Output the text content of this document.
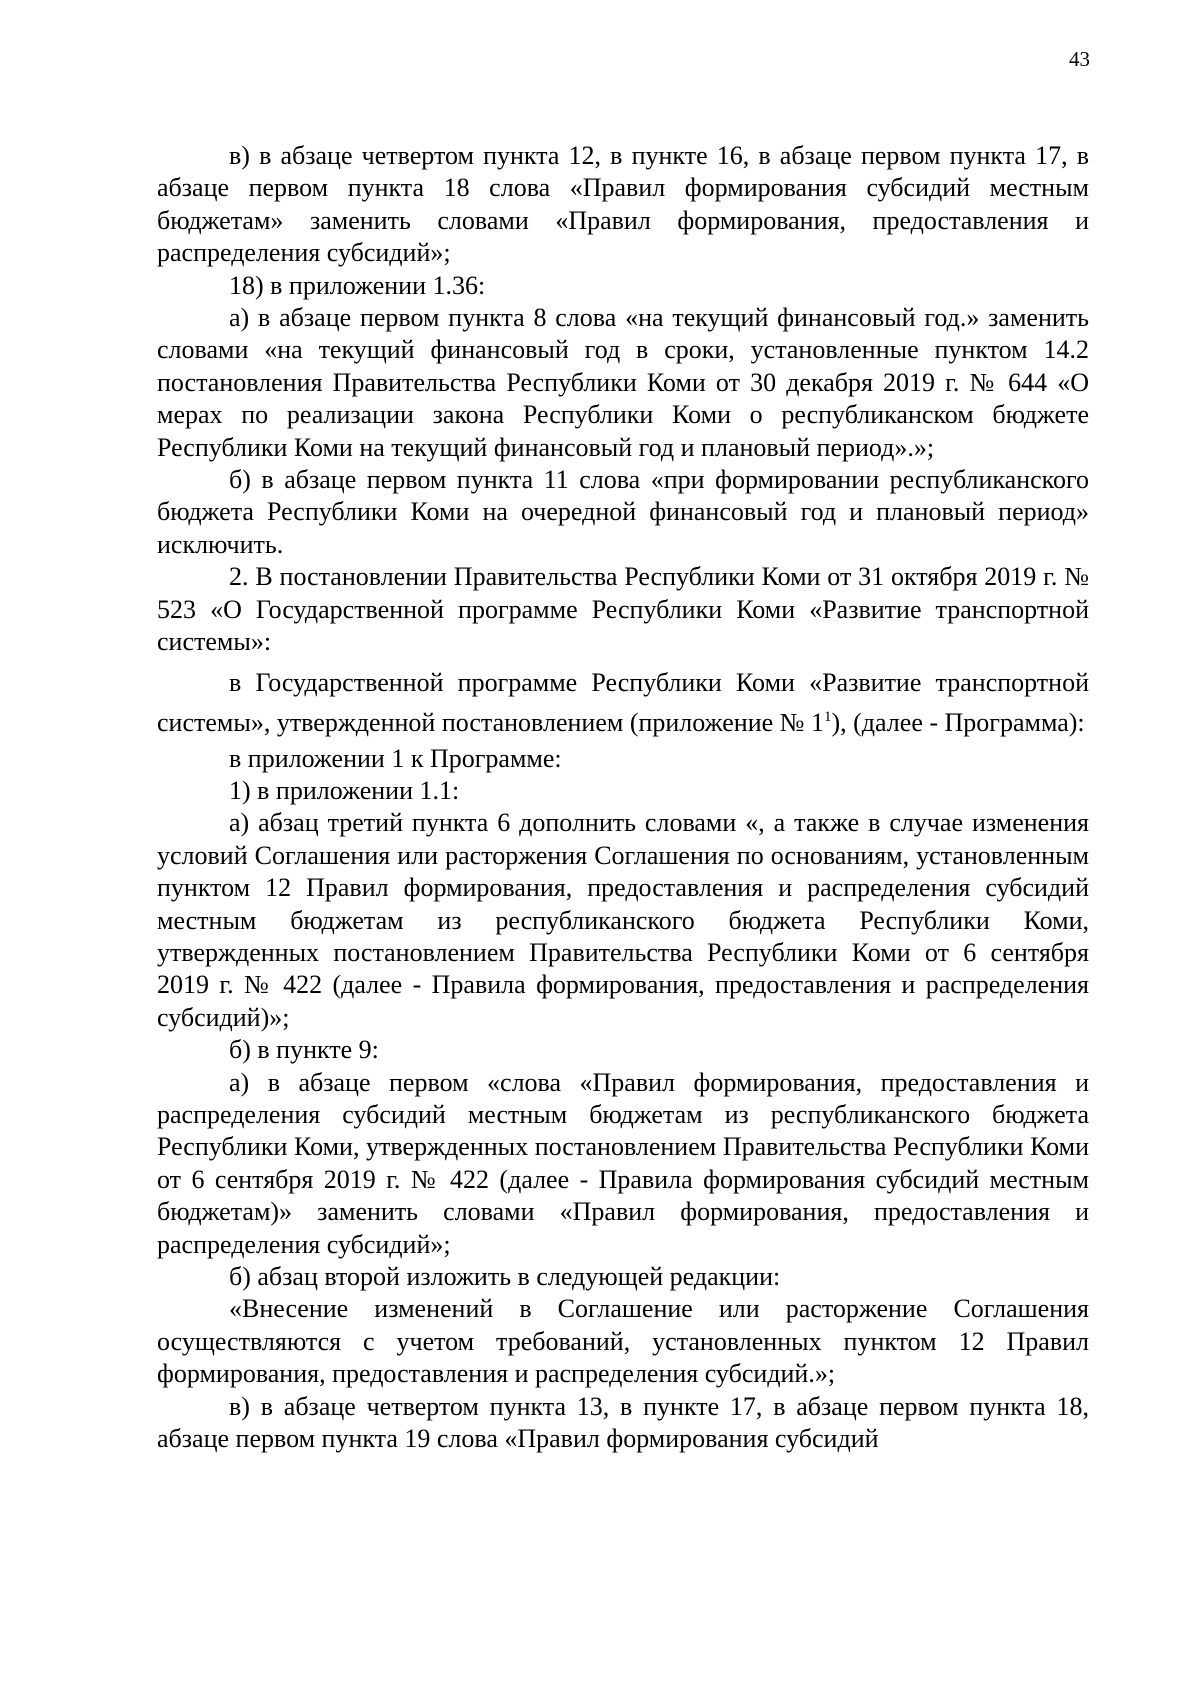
43

в) в абзаце четвертом пункта 12, в пункте 16, в абзаце первом пункта 17, в абзаце первом пункта 18 слова «Правил формирования субсидий местным бюджетам» заменить словами «Правил формирования, предоставления и распределения субсидий»;

18) в приложении 1.36:

а) в абзаце первом пункта 8 слова «на текущий финансовый год.» заменить словами «на текущий финансовый год в сроки, установленные пунктом 14.2 постановления Правительства Республики Коми от 30 декабря 2019 г. № 644 «О мерах по реализации закона Республики Коми о республиканском бюджете Республики Коми на текущий финансовый год и плановый период».»;

б) в абзаце первом пункта 11 слова «при формировании республиканского бюджета Республики Коми на очередной финансовый год и плановый период» исключить.

2. В постановлении Правительства Республики Коми от 31 октября 2019 г. № 523 «О Государственной программе Республики Коми «Развитие транспортной системы»:

в Государственной программе Республики Коми «Развитие транспортной системы», утвержденной постановлением (приложение № $1^1$), (далее - Программа):

в приложении 1 к Программе:

1) в приложении 1.1:

а) абзац третий пункта 6 дополнить словами «, а также в случае изменения условий Соглашения или расторжения Соглашения по основаниям, установленным пунктом 12 Правил формирования, предоставления и распределения субсидий местным бюджетам из республиканского бюджета Республики Коми, утвержденных постановлением Правительства Республики Коми от 6 сентября 2019 г. № 422 (далее - Правила формирования, предоставления и распределения субсидий)»;

б) в пункте 9:

а) в абзаце первом «слова «Правил формирования, предоставления и распределения субсидий местным бюджетам из республиканского бюджета Республики Коми, утвержденных постановлением Правительства Республики Коми от 6 сентября 2019 г. № 422 (далее - Правила формирования субсидий местным бюджетам)» заменить словами «Правил формирования, предоставления и распределения субсидий»;

б) абзац второй изложить в следующей редакции:

«Внесение изменений в Соглашение или расторжение Соглашения осуществляются с учетом требований, установленных пунктом 12 Правил формирования, предоставления и распределения субсидий.»;

в) в абзаце четвертом пункта 13, в пункте 17, в абзаце первом пункта 18, абзаце первом пункта 19 слова «Правил формирования субсидий
